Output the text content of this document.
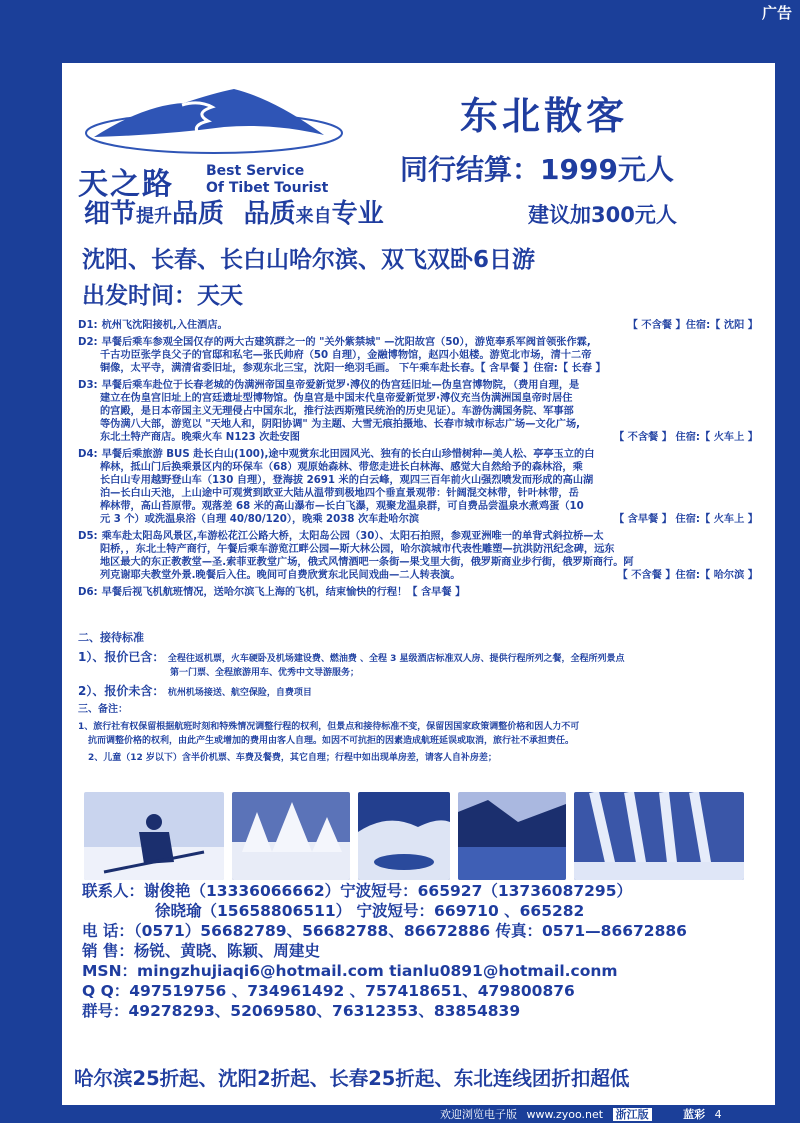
广告
天之路 Best Service
Of Tibet Tourist
东北散客
同行结算：1999元人
细节提升品质 品质来自专业	建议加300元人
沈阳、长春、长白山哈尔滨、双飞双卧6日游
出发时间：天天
D1: 杭州飞沈阳接机,入住酒店。	【 不含餐 】住宿:【 沈阳 】
D2: 早餐后乘车参观全国仅存的两大古建筑群之一的 "关外紫禁城" —沈阳故宫（50），游览奉系军阀首领张作霖,
千古功臣张学良父子的官邸和私宅—张氏帅府（50 自理），金融博物馆，赵四小姐楼。游览北市场，清十二帝
铜像，太平寺，满清省委旧址，参观东北三宝，沈阳一绝羽毛画。 下午乘车赴长春。【 含早餐 】住宿:【 长春 】
D3: 早餐后乘车赴位于长春老城的伪满洲帝国皇帝爱新觉罗·溥仪的伪宫廷旧址—伪皇宫博物院，（费用自理，是
建立在伪皇宫旧址上的宫廷遗址型博物馆。伪皇宫是中国末代皇帝爱新觉罗·溥仪充当伪满洲国皇帝时居住
的宫殿，是日本帝国主义无理侵占中国东北，推行法西斯殖民统治的历史见证）。车游伪满国务院、军事部
等伪满八大部，游览以 "天地人和，阴阳协调" 为主题、大雪无痕拍摄地、长春市城市标志广场—文化广场,
东北土特产商店。晚乘火车 N123 次赴安图	【 不含餐 】 住宿:【 火车上 】
D4: 早餐后乘旅游 BUS 赴长白山(100),途中观赏东北田园风光、独有的长白山珍惜树种—美人松、亭亭玉立的白
桦林，抵山门后换乘景区内的环保车（68）观原始森林、带您走进长白林海、感觉大自然给予的森林浴，乘
长白山专用越野登山车（130 自理），登海拔 2691 米的白云峰，观四三百年前火山强烈喷发而形成的高山湖
泊—长白山天池，上山途中可观赏到欧亚大陆从温带到极地四个垂直景观带：针阔混交林带，针叶林带，岳
桦林带，高山苔原带。观落差 68 米的高山瀑布—长白飞瀑，观聚龙温泉群，可自费品尝温泉水煮鸡蛋（10
元 3 个）或洗温泉浴（自理 40/80/120），晚乘 2038 次车赴哈尔滨	【 含早餐 】 住宿:【 火车上 】
D5: 乘车赴太阳岛风景区,车游松花江公路大桥，太阳岛公园（30）、太阳石拍照，参观亚洲唯一的单背式斜拉桥—太
阳桥，，东北土特产商行，午餐后乘车游览江畔公园—斯大林公园，哈尔滨城市代表性雕塑—抗洪防汛纪念碑，远东
地区最大的东正教教堂—圣.索菲亚教堂广场，俄式风情酒吧一条街—果戈里大街，俄罗斯商业步行街，俄罗斯商行。阿
列克谢耶夫教堂外景.晚餐后入住。晚间可自费欣赏东北民间戏曲—二人转表演。	【 不含餐 】住宿:【 哈尔滨 】
D6: 早餐后视飞机航班情况，送哈尔滨飞上海的飞机，结束愉快的行程！【 含早餐 】
二、接待标准
1）、报价已含： 全程往返机票，火车硬卧及机场建设费、燃油费 、全程 3 星级酒店标准双人房、提供行程所列之餐，全程所列景点
第一门票、全程旅游用车、优秀中文导游服务；
2）、报价未含： 杭州机场接送、航空保险，自费项目
三、备注：
1、旅行社有权保留根据航班时刻和特殊情况调整行程的权利，但景点和接待标准不变，保留因国家政策调整价格和因人力不可
抗而调整价格的权利，由此产生或增加的费用由客人自理。如因不可抗拒的因素造成航班延误或取消，旅行社不承担责任。
2、儿童（12 岁以下）含半价机票、车费及餐费，其它自理；行程中如出现单房差，请客人自补房差；
联系人：谢俊艳（13336066662）宁波短号：665927（13736087295）
徐晓瑜（15658806511） 宁波短号：669710 、665282
电 话：（0571）56682789、56682788、86672886 传真：0571—86672886
销 售：杨锐、黄晓、陈颖、周建史
MSN：mingzhujiaqi6@hotmail.com tianlu0891@hotmail.conm
Q Q：497519756 、734961492 、757418651、479800876
群号：49278293、52069580、76312353、83854839
哈尔滨25折起、沈阳2折起、长春25折起、东北连线团折扣超低
欢迎浏览电子版 www.zyoo.net 浙江版	蓝彩 4
